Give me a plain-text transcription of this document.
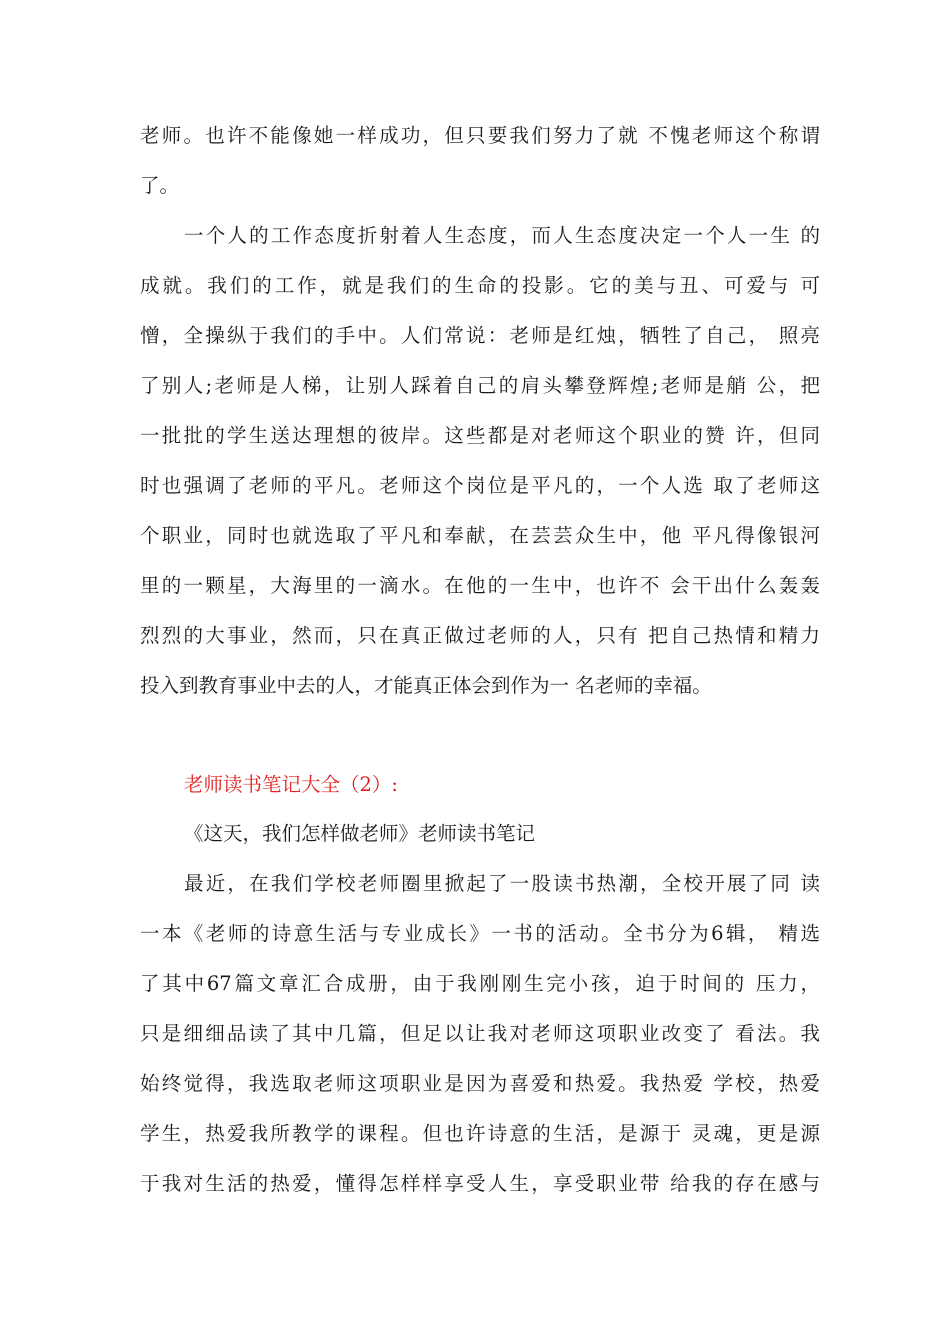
老师。也许不能像她一样成功，但只要我们努力了就 不愧老师这个称谓
了。
一个人的工作态度折射着人生态度，而人生态度决定一个人一生 的
成就。我们的工作，就是我们的生命的投影。它的美与丑、可爱与 可
憎，全操纵于我们的手中。人们常说：老师是红烛，牺牲了自己， 照亮
了别人;老师是人梯，让别人踩着自己的肩头攀登辉煌;老师是艄 公，把
一批批的学生送达理想的彼岸。这些都是对老师这个职业的赞 许，但同
时也强调了老师的平凡。老师这个岗位是平凡的，一个人选 取了老师这
个职业，同时也就选取了平凡和奉献，在芸芸众生中，他 平凡得像银河
里的一颗星，大海里的一滴水。在他的一生中，也许不 会干出什么轰轰
烈烈的大事业，然而，只在真正做过老师的人，只有 把自己热情和精力
投入到教育事业中去的人，才能真正体会到作为一 名老师的幸福。
老师读书笔记大全（2）:
《这天，我们怎样做老师》老师读书笔记
最近，在我们学校老师圈里掀起了一股读书热潮，全校开展了同 读
一本《老师的诗意生活与专业成长》一书的活动。全书分为6辑， 精选
了其中67篇文章汇合成册，由于我刚刚生完小孩，迫于时间的 压力，
只是细细品读了其中几篇，但足以让我对老师这项职业改变了 看法。我
始终觉得，我选取老师这项职业是因为喜爱和热爱。我热爱 学校，热爱
学生，热爱我所教学的课程。但也许诗意的生活，是源于 灵魂，更是源
于我对生活的热爱，懂得怎样样享受人生，享受职业带 给我的存在感与
